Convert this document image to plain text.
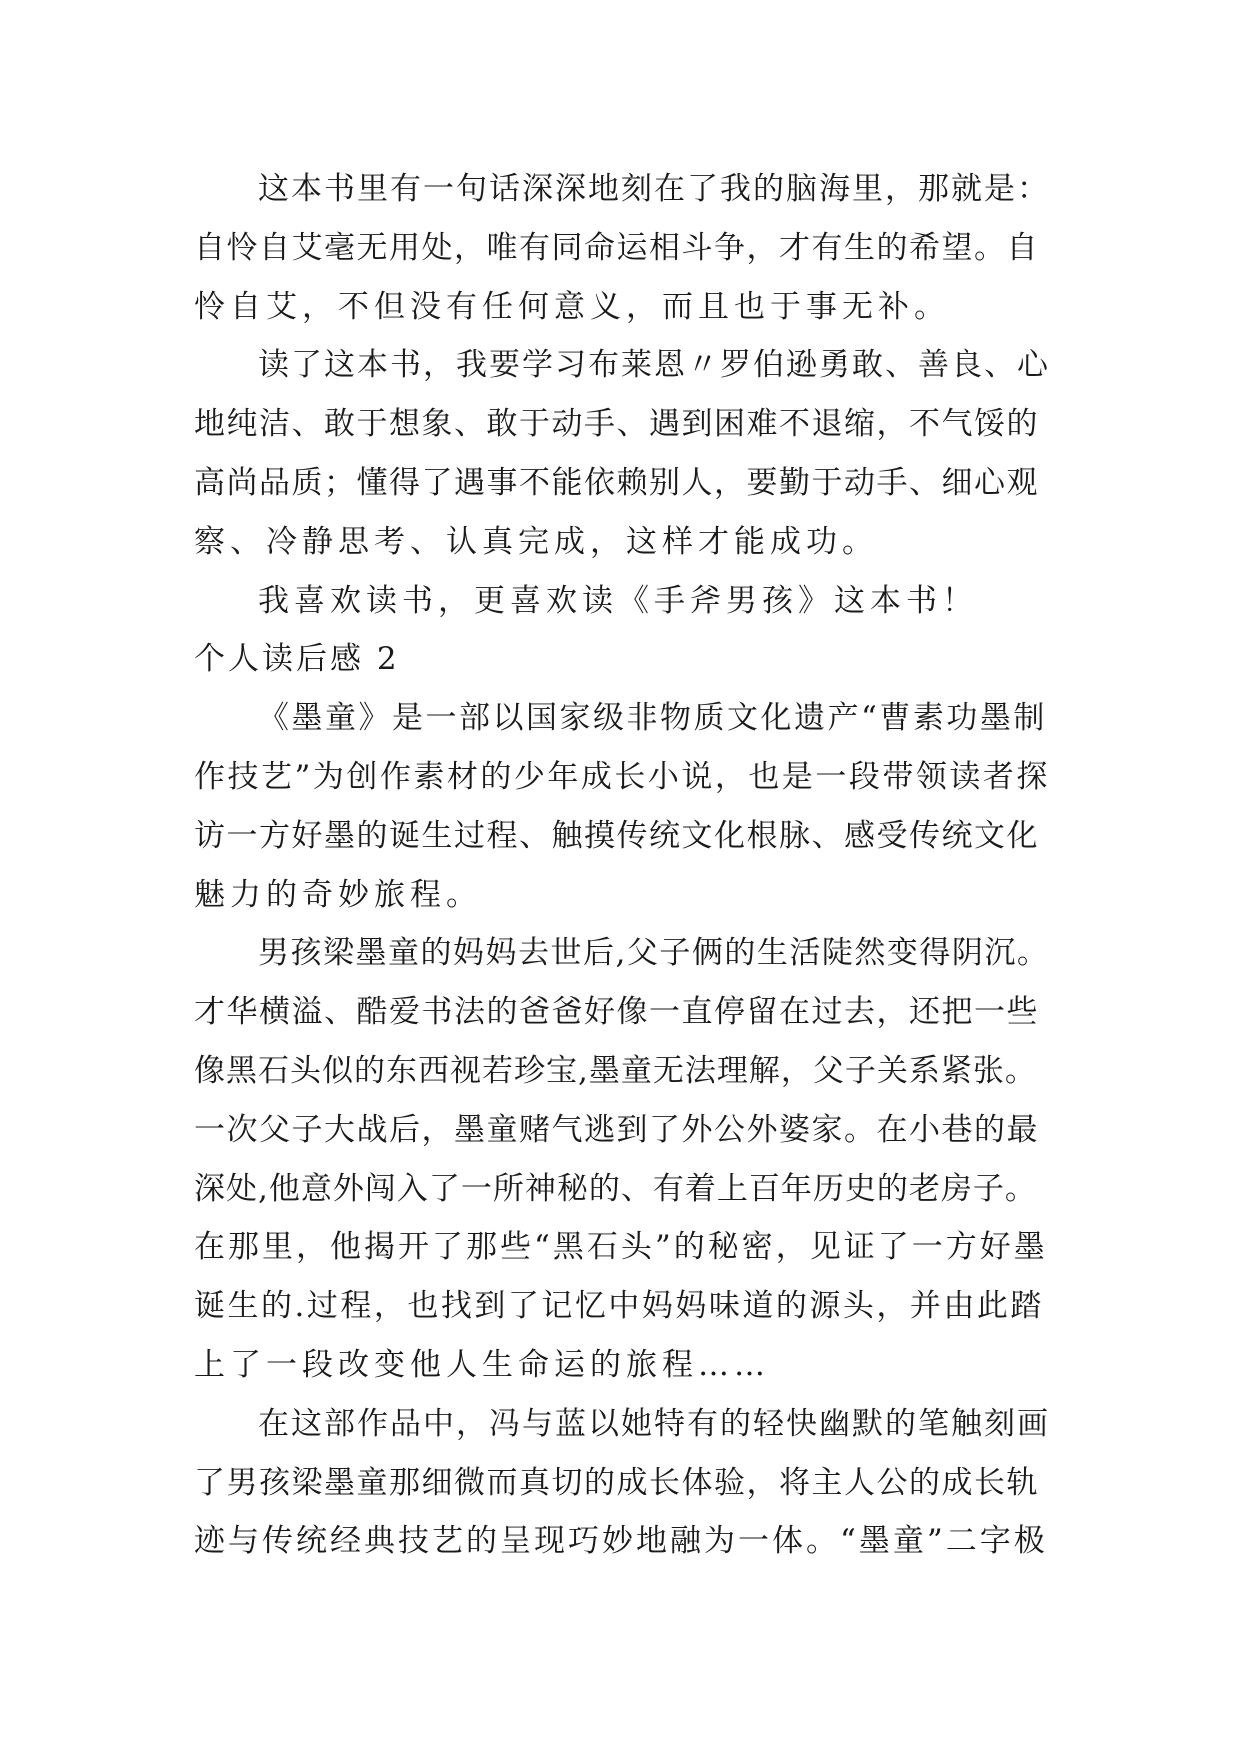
这本书里有一句话深深地刻在了我的脑海里，那就是：
自怜自艾毫无用处，唯有同命运相斗争，才有生的希望。自
怜自艾，不但没有任何意义，而且也于事无补。
读了这本书，我要学习布莱恩〃罗伯逊勇敢、善良、心
地纯洁、敢于想象、敢于动手、遇到困难不退缩，不气馁的
高尚品质；懂得了遇事不能依赖别人，要勤于动手、细心观
察、冷静思考、认真完成，这样才能成功。
我喜欢读书，更喜欢读《手斧男孩》这本书！
个人读后感 2
《墨童》是一部以国家级非物质文化遗产“曹素功墨制
作技艺”为创作素材的少年成长小说，也是一段带领读者探
访一方好墨的诞生过程、触摸传统文化根脉、感受传统文化
魅力的奇妙旅程。
男孩梁墨童的妈妈去世后,父子俩的生活陡然变得阴沉。
才华横溢、酷爱书法的爸爸好像一直停留在过去，还把一些
像黑石头似的东西视若珍宝,墨童无法理解，父子关系紧张。
一次父子大战后，墨童赌气逃到了外公外婆家。在小巷的最
深处,他意外闯入了一所神秘的、有着上百年历史的老房子。
在那里，他揭开了那些“黑石头”的秘密，见证了一方好墨
诞生的.过程，也找到了记忆中妈妈味道的源头，并由此踏
上了一段改变他人生命运的旅程……
在这部作品中，冯与蓝以她特有的轻快幽默的笔触刻画
了男孩梁墨童那细微而真切的成长体验，将主人公的成长轨
迹与传统经典技艺的呈现巧妙地融为一体。“墨童”二字极
